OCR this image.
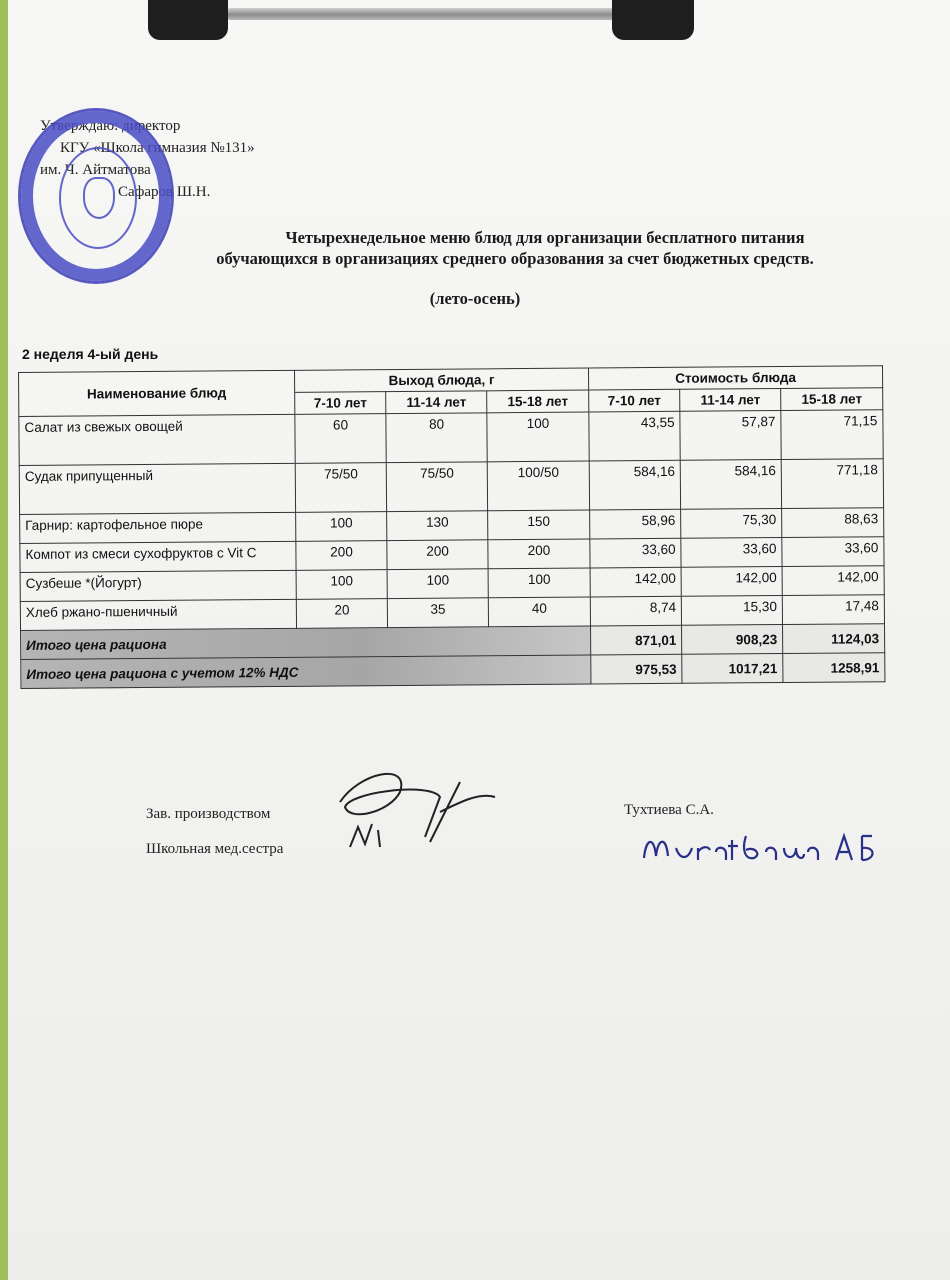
Утверждаю: директор
КГУ «Школа гимназия №131»
им. Ч. Айтматова
Сафаров Ш.Н.
Четырехнедельное меню блюд для организации бесплатного питания
обучающихся в организациях среднего образования за счет бюджетных средств.
(лето-осень)
2 неделя 4-ый день
Наименование блюд	Выход блюда, г			Стоимость блюда		
	7-10 лет	11-14 лет	15-18 лет	7-10 лет	11-14 лет	15-18 лет
Салат из свежых овощей	60	80	100	43,55	57,87	71,15
Судак припущенный	75/50	75/50	100/50	584,16	584,16	771,18
Гарнир: картофельное пюре	100	130	150	58,96	75,30	88,63
Компот из смеси сухофруктов с Vit C	200	200	200	33,60	33,60	33,60
Сузбеше *(Йогурт)	100	100	100	142,00	142,00	142,00
Хлеб ржано-пшеничный	20	35	40	8,74	15,30	17,48
Итого цена рациона				871,01	908,23	1124,03
Итого цена рациона с учетом 12% НДС				975,53	1017,21	1258,91
Зав. производством	Тухтиева С.А.
Школьная мед.сестра
